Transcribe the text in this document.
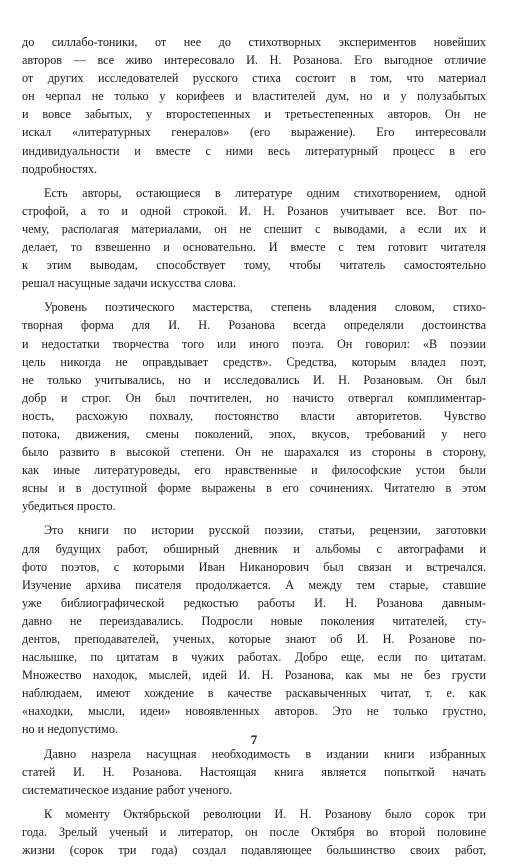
до силлабо-тоники, от нее до стихотворных экспериментов новейших
авторов — все живо интересовало И. Н. Розанова. Его выгодное отличие
от других исследователей русского стиха состоит в том, что материал
он черпал не только у корифеев и властителей дум, но и у полузабытых
и вовсе забытых, у второстепенных и третьестепенных авторов. Он не
искал «литературных генералов» (его выражение). Его интересовали
индивидуальности и вместе с ними весь литературный процесс в его
подробностях.
Есть авторы, остающиеся в литературе одним стихотворением, одной
строфой, а то и одной строкой. И. Н. Розанов учитывает все. Вот по-
чему, располагая материалами, он не спешит с выводами, а если их и
делает, то взвешенно и основательно. И вместе с тем готовит читателя
к этим выводам, способствует тому, чтобы читатель самостоятельно
решал насущные задачи искусства слова.
Уровень поэтического мастерства, степень владения словом, стихо-
творная форма для И. Н. Розанова всегда определяли достоинства
и недостатки творчества того или иного поэта. Он говорил: «В поэзии
цель никогда не оправдывает средств». Средства, которым владел поэт,
не только учитывались, но и исследовались И. Н. Розановым. Он был
добр и строг. Он был почтителен, но начисто отвергал комплиментар-
ность, расхожую похвалу, постоянство власти авторитетов. Чувство
потока, движения, смены поколений, эпох, вкусов, требований у него
было развито в высокой степени. Он не шарахался из стороны в сторону,
как иные литературоведы, его нравственные и философские устои были
ясны и в доступной форме выражены в его сочинениях. Читателю в этом
убедиться просто.
Это книги по истории русской поэзии, статьи, рецензии, заготовки
для будущих работ, обширный дневник и альбомы с автографами и
фото поэтов, с которыми Иван Никанорович был связан и встречался.
Изучение архива писателя продолжается. А между тем старые, ставшие
уже библиографической редкостью работы И. Н. Розанова давным-
давно не переиздавались. Подросли новые поколения читателей, сту-
дентов, преподавателей, ученых, которые знают об И. Н. Розанове по-
наслышке, по цитатам в чужих работах. Добро еще, если по цитатам.
Множество находок, мыслей, идей И. Н. Розанова, как мы не без грусти
наблюдаем, имеют хождение в качестве раскавыченных читат, т. е. как
«находки, мысли, идеи» новоявленных авторов. Это не только грустно,
но и недопустимо.
Давно назрела насущная необходимость в издании книги избранных
статей И. Н. Розанова. Настоящая книга является попыткой начать
систематическое издание работ ученого.
К моменту Октябрьской революции И. Н. Розанову было сорок три
года. Зрелый ученый и литератор, он после Октября во второй половине
жизни (сорок три года) создал подавляющее большинство своих работ,
7
